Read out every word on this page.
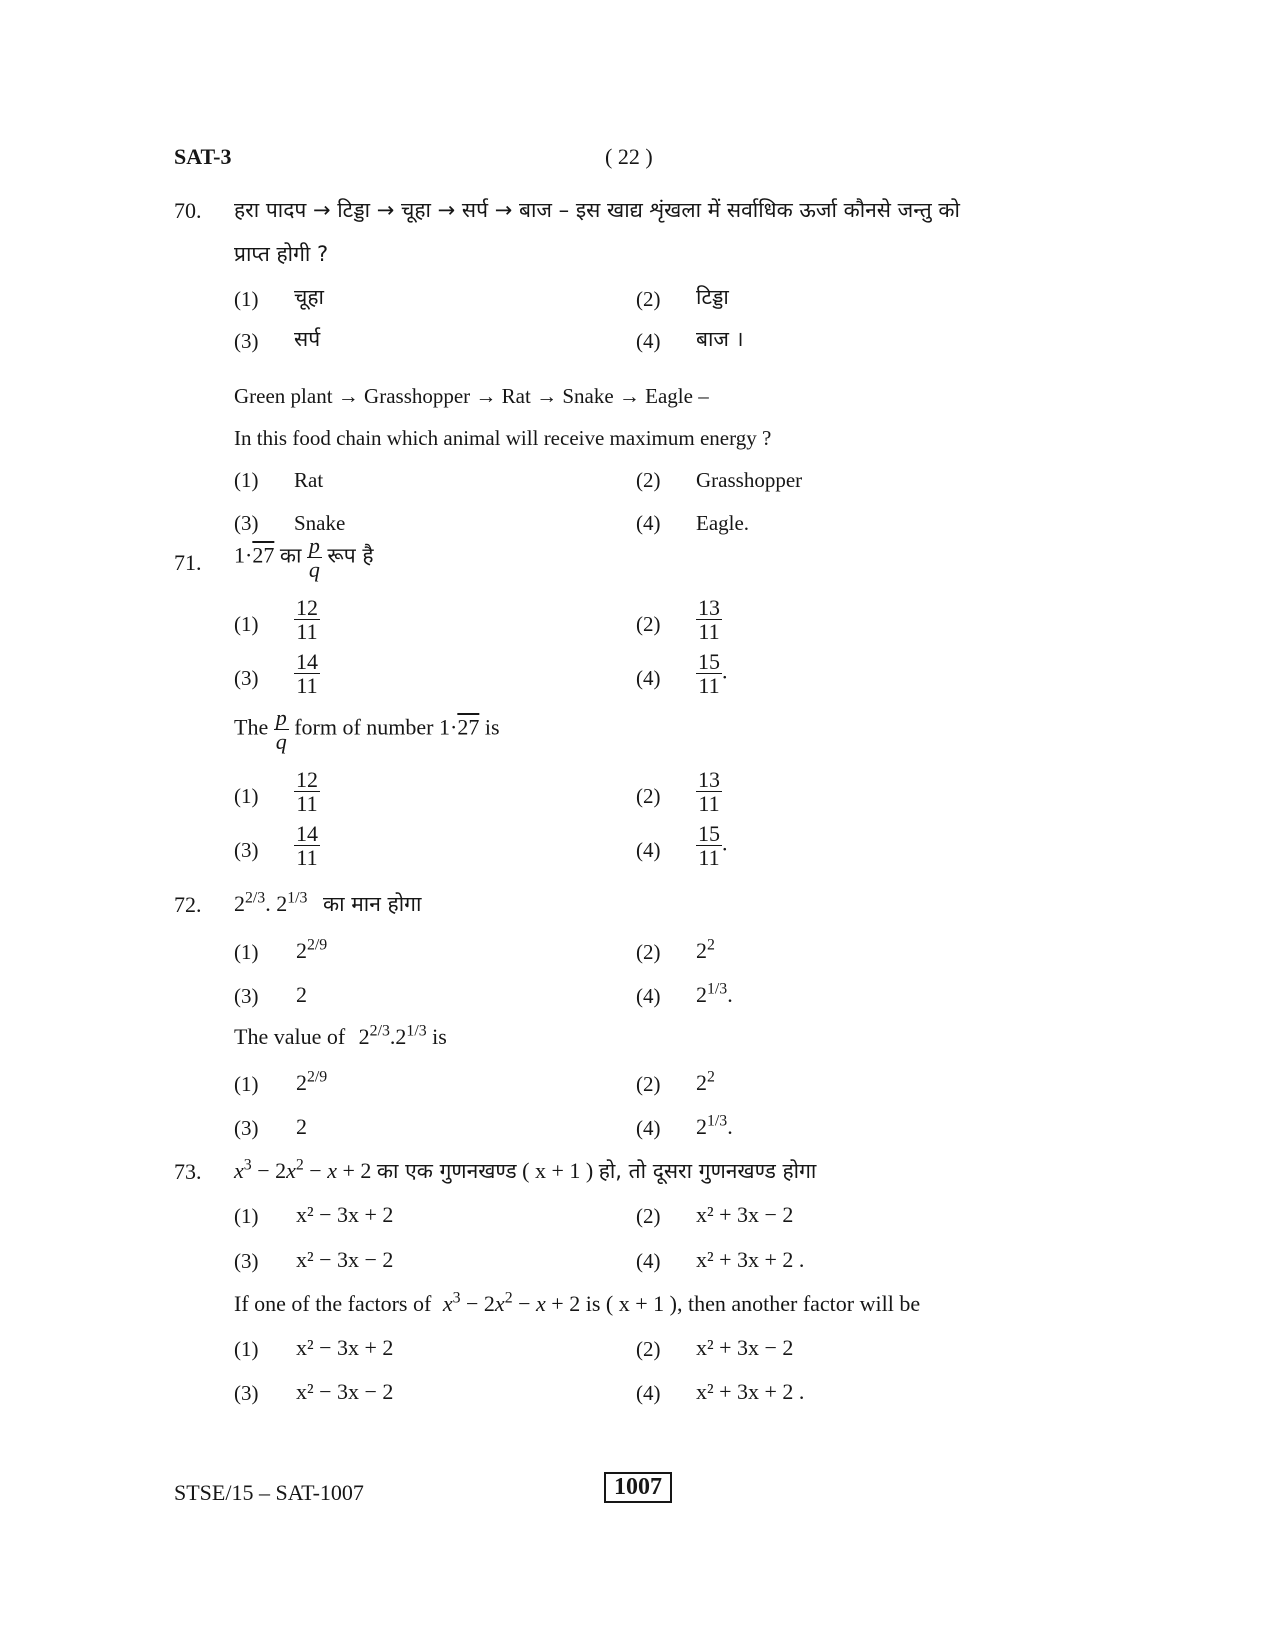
SAT-3	( 22 )
70. हरा पादप → टिड्डा → चूहा → सर्प → बाज – इस खाद्य शृंखला में सर्वाधिक ऊर्जा कौनसे जन्तु को
प्राप्त होगी ?
(1) चूहा	(2) टिड्डा
(3) सर्प	(4) बाज ।
Green plant → Grasshopper → Rat → Snake → Eagle –
In this food chain which animal will receive maximum energy ?
(1) Rat	(2) Grasshopper
(3) Snake	(4) Eagle.
71. 1·27 का $\frac{p}{q}$ रूप है
$(1) \frac{12}{11}$	$(2) \frac{13}{11}$
$(3) \frac{14}{11}$	$(4) \frac{15}{11}$ .
The $\frac{p}{q}$ form of number 1·27 is
$(1) \frac{12}{11}$	$(2) \frac{13}{11}$
$(3) \frac{14}{11}$	$(4) \frac{15}{11}$ .
72. $2^{2/3}$. $2^{1/3}$ का मान होगा
(1) $2^{2/9}$	(2) $2^2$
(3) 2	(4) $2^{1/3}$.
The value of $2^{2/3}.2^{1/3}$ is
(1) $2^{2/9}$	(2) $2^2$
(3) 2	(4) $2^{1/3}$.
73. $x^3 - 2x^2 - x + 2$ का एक गुणनखण्ड ( x + 1 ) हो, तो दूसरा गुणनखण्ड होगा
(1) x² − 3x + 2	(2) x² + 3x − 2
(3) x² − 3x − 2	(4) x² + 3x + 2 .
If one of the factors of $x^3 - 2x^2 - x + 2$ is ( x + 1 ), then another factor will be
(1) x² − 3x + 2	(2) x² + 3x − 2
(3) x² − 3x − 2	(4) x² + 3x + 2 .
STSE/15 – SAT-1007	1007
